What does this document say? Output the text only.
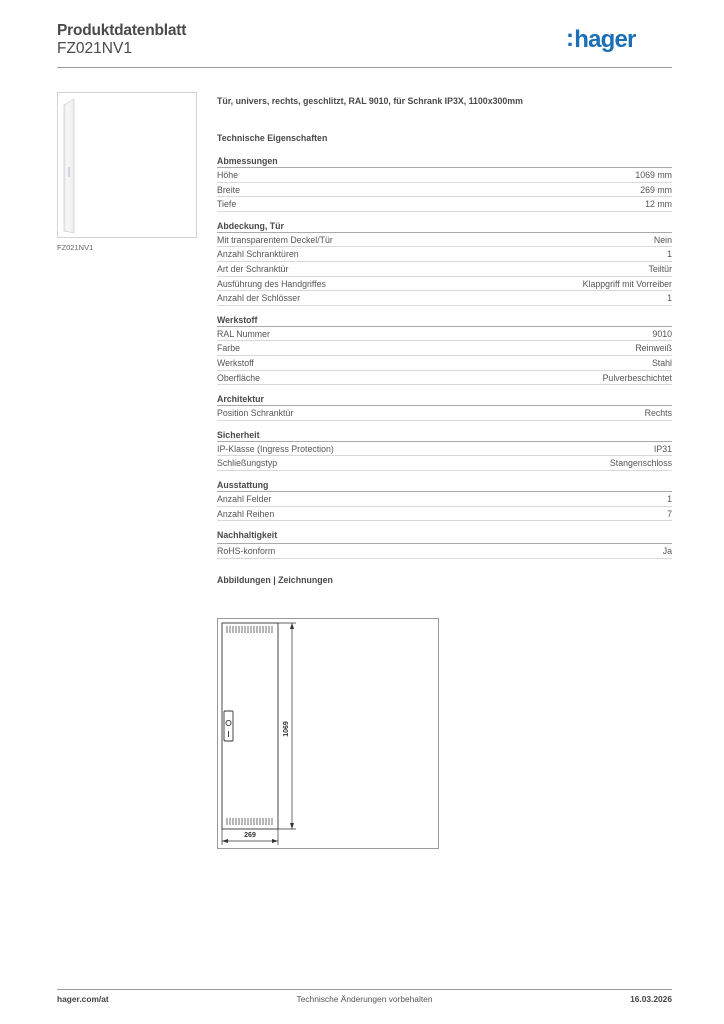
Produktdatenblatt
FZ021NV1	:hager
FZ021NV1
Tür, univers, rechts, geschlitzt, RAL 9010, für Schrank IP3X, 1100x300mm
Technische Eigenschaften
Abmessungen
Höhe	1069 mm
Breite	269 mm
Tiefe	12 mm
Abdeckung, Tür
Mit transparentem Deckel/Tür	Nein
Anzahl Schranktüren	1
Art der Schranktür	Teiltür
Ausführung des Handgriffes	Klappgriff mit Vorreiber
Anzahl der Schlösser	1
Werkstoff
RAL Nummer	9010
Farbe	Reinweiß
Werkstoff	Stahl
Oberfläche	Pulverbeschichtet
Architektur
Position Schranktür	Rechts
Sicherheit
IP-Klasse (Ingress Protection)	IP31
Schließungstyp	Stangenschloss
Ausstattung
Anzahl Felder	1
Anzahl Reihen	7
Nachhaltigkeit
RoHS-konform	Ja
Abbildungen | Zeichnungen
1069
269
hager.com/at	Technische Änderungen vorbehalten	16.03.2026
